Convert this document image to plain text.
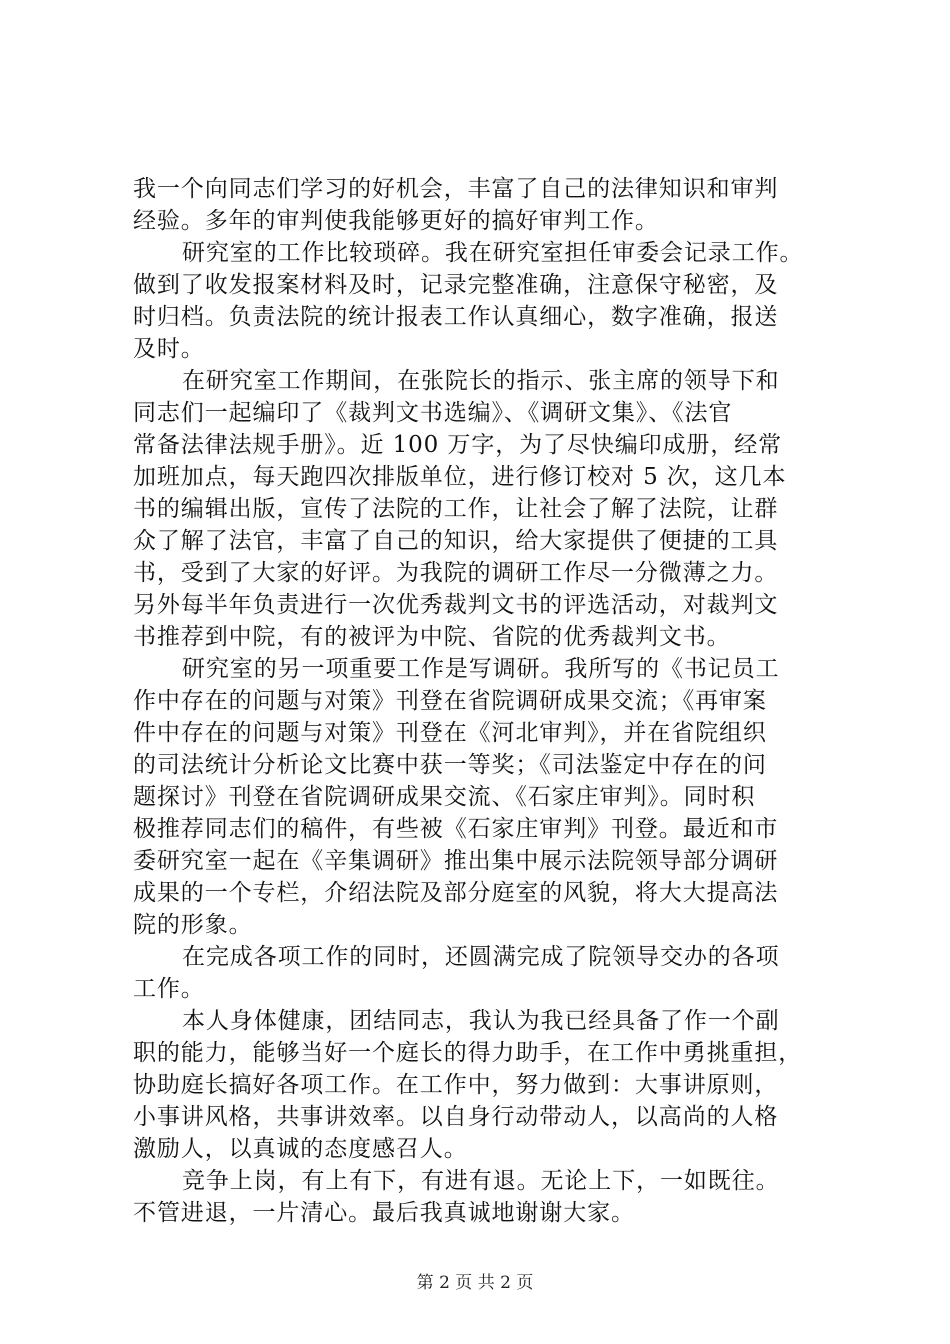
我一个向同志们学习的好机会，丰富了自己的法律知识和审判
经验。多年的审判使我能够更好的搞好审判工作。
研究室的工作比较琐碎。我在研究室担任审委会记录工作。
做到了收发报案材料及时，记录完整准确，注意保守秘密，及
时归档。负责法院的统计报表工作认真细心，数字准确，报送
及时。
在研究室工作期间，在张院长的指示、张主席的领导下和
同志们一起编印了《裁判文书选编》、《调研文集》、《法官
常备法律法规手册》。近 100 万字，为了尽快编印成册，经常
加班加点，每天跑四次排版单位，进行修订校对 5 次，这几本
书的编辑出版，宣传了法院的工作，让社会了解了法院，让群
众了解了法官，丰富了自己的知识，给大家提供了便捷的工具
书，受到了大家的好评。为我院的调研工作尽一分微薄之力。
另外每半年负责进行一次优秀裁判文书的评选活动，对裁判文
书推荐到中院，有的被评为中院、省院的优秀裁判文书。
研究室的另一项重要工作是写调研。我所写的《书记员工
作中存在的问题与对策》刊登在省院调研成果交流；《再审案
件中存在的问题与对策》刊登在《河北审判》，并在省院组织
的司法统计分析论文比赛中获一等奖；《司法鉴定中存在的问
题探讨》刊登在省院调研成果交流、《石家庄审判》。同时积
极推荐同志们的稿件，有些被《石家庄审判》刊登。最近和市
委研究室一起在《辛集调研》推出集中展示法院领导部分调研
成果的一个专栏，介绍法院及部分庭室的风貌，将大大提高法
院的形象。
在完成各项工作的同时，还圆满完成了院领导交办的各项
工作。
本人身体健康，团结同志，我认为我已经具备了作一个副
职的能力，能够当好一个庭长的得力助手，在工作中勇挑重担，
协助庭长搞好各项工作。在工作中，努力做到：大事讲原则，
小事讲风格，共事讲效率。以自身行动带动人，以高尚的人格
激励人，以真诚的态度感召人。
竞争上岗，有上有下，有进有退。无论上下，一如既往。
不管进退，一片清心。最后我真诚地谢谢大家。
第 2 页 共 2 页
